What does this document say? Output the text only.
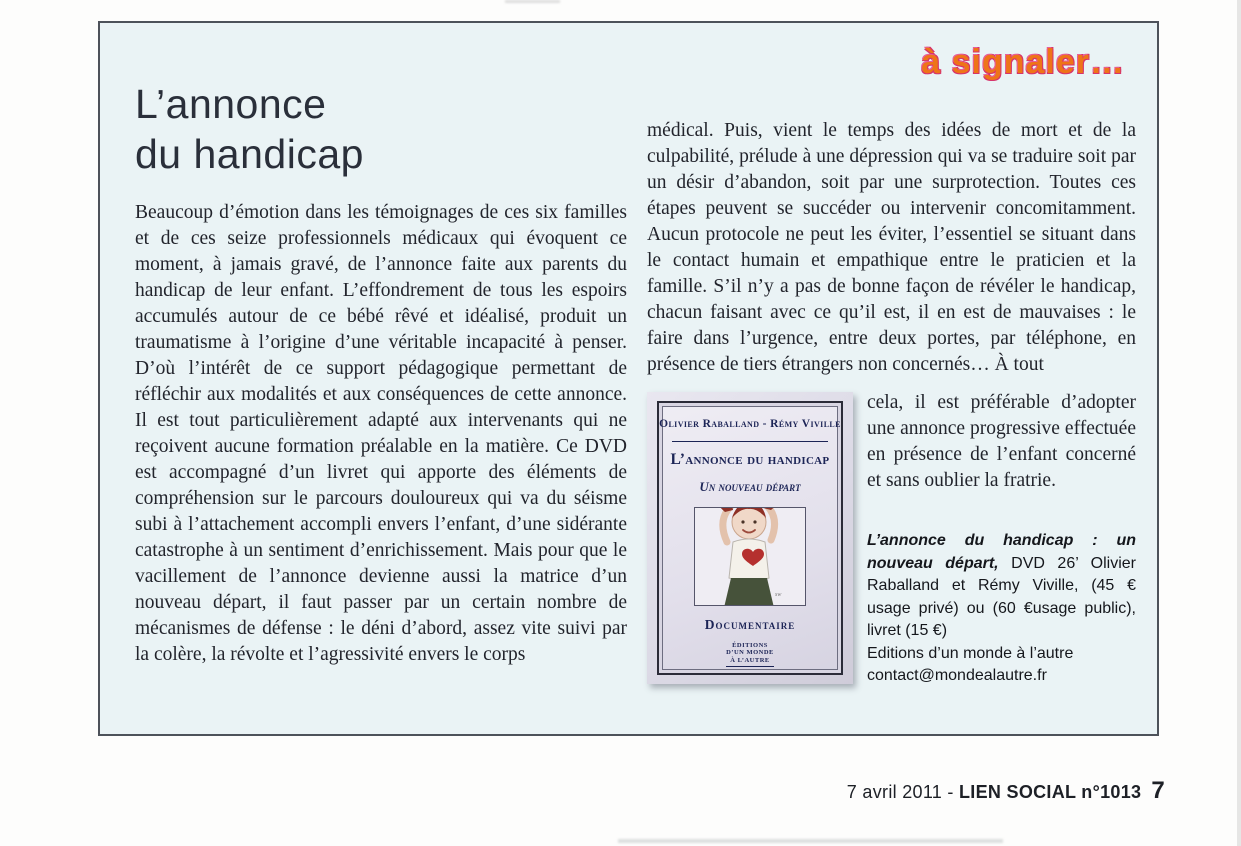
à signaler…
L’annonce
du handicap

Beaucoup d’émotion dans les témoignages de ces six familles et de ces seize professionnels médicaux qui évoquent ce moment, à jamais gravé, de l’annonce faite aux parents du handicap de leur enfant. L’effondrement de tous les espoirs accumulés autour de ce bébé rêvé et idéalisé, produit un traumatisme à l’origine d’une véritable incapacité à penser. D’où l’intérêt de ce support pédagogique permettant de réfléchir aux modalités et aux conséquences de cette annonce. Il est tout particulièrement adapté aux intervenants qui ne reçoivent aucune formation préalable en la matière. Ce DVD est accompagné d’un livret qui apporte des éléments de compréhension sur le parcours douloureux qui va du séisme subi à l’attachement accompli envers l’enfant, d’une sidérante catastrophe à un sentiment d’enrichissement. Mais pour que le vacillement de l’annonce devienne aussi la matrice d’un nouveau départ, il faut passer par un certain nombre de mécanismes de défense : le déni d’abord, assez vite suivi par la colère, la révolte et l’agressivité envers le corps

médical. Puis, vient le temps des idées de mort et de la culpabilité, prélude à une dépression qui va se traduire soit par un désir d’abandon, soit par une surprotection. Toutes ces étapes peuvent se succéder ou intervenir concomitamment. Aucun protocole ne peut les éviter, l’essentiel se situant dans le contact humain et empathique entre le praticien et la famille. S’il n’y a pas de bonne façon de révéler le handicap, chacun faisant avec ce qu’il est, il en est de mauvaises : le faire dans l’urgence, entre deux portes, par téléphone, en présence de tiers étrangers non concernés… À tout

Olivier Raballand - Rémy Viville
L’annonce du handicap
Un nouveau départ
sw
Documentaire
ÉDITIONS
D’UN MONDE
À L’AUTRE

cela, il est préférable d’adopter une annonce progressive effectuée en présence de l’enfant concerné et sans oublier la fratrie.

L’annonce du handicap : un nouveau départ, DVD 26’ Olivier Raballand et Rémy Viville, (45 € usage privé) ou (60 €usage public), livret (15 €)

Editions d’un monde à l’autre

contact@mondealautre.fr

7 avril 2011 - LIEN SOCIAL n°1013 7
